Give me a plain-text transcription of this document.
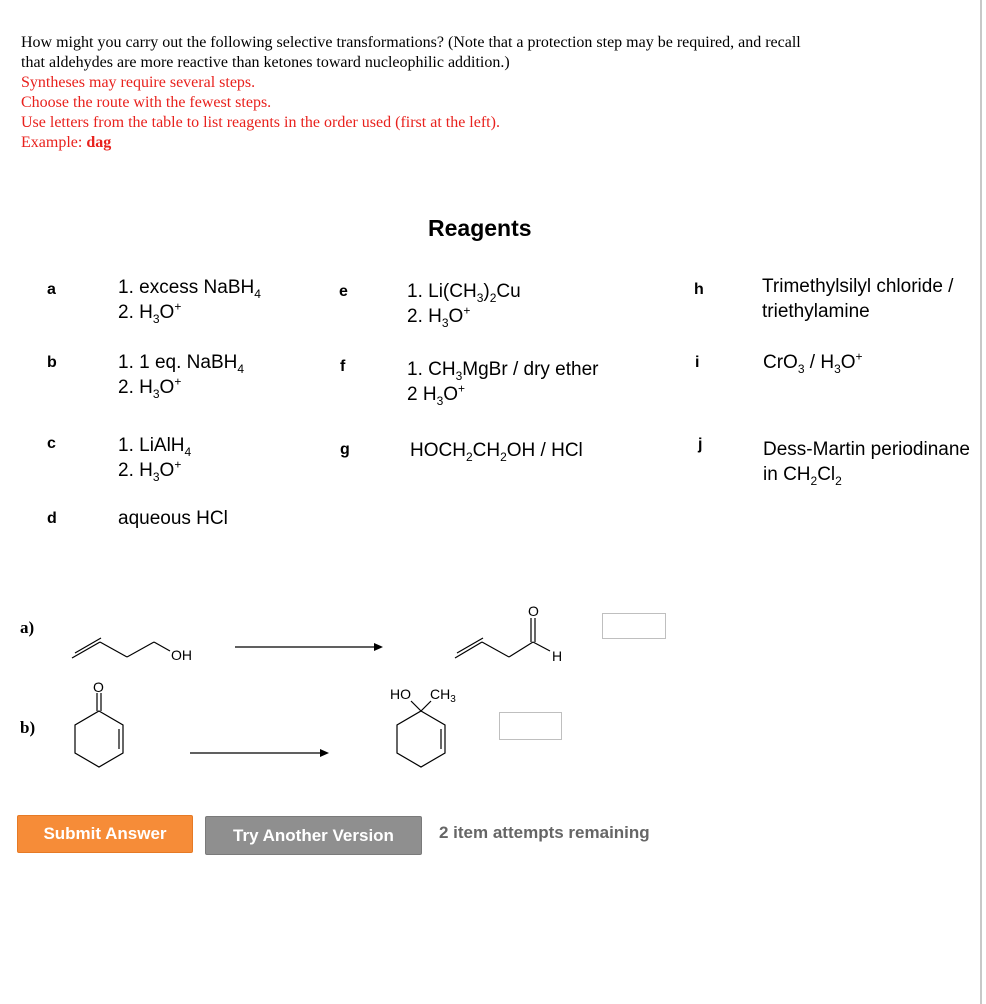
How might you carry out the following selective transformations? (Note that a protection step may be required, and recall

that aldehydes are more reactive than ketones toward nucleophilic addition.)

Syntheses may require several steps.

Choose the route with the fewest steps.

Use letters from the table to list reagents in the order used (first at the left).

Example: dag

Reagents
a	1. excess NaBH$_4$
2. $H_3O^+$
b	1. 1 eq. NaBH$_4$
2. $H_3O^+$
c	1. LiAlH$_4$
2. $H_3O^+$
d	aqueous HCl
e	1. $Li(CH_3)_2Cu$
2. $H_3O^+$
f	1. $CH_3MgBr$ / dry ether
2 $H_3O^+$
g	$HOCH_2CH_2OH$ / HCl
h	Trimethylsilyl chloride /
triethylamine
i	$CrO_3 / H_3O^+$
j	Dess-Martin periodinane
in $CH_2Cl_2$
a)
OH
O
H
b)
O	HO $CH_3$
Submit Answer	Try Another Version	2 item attempts remaining
